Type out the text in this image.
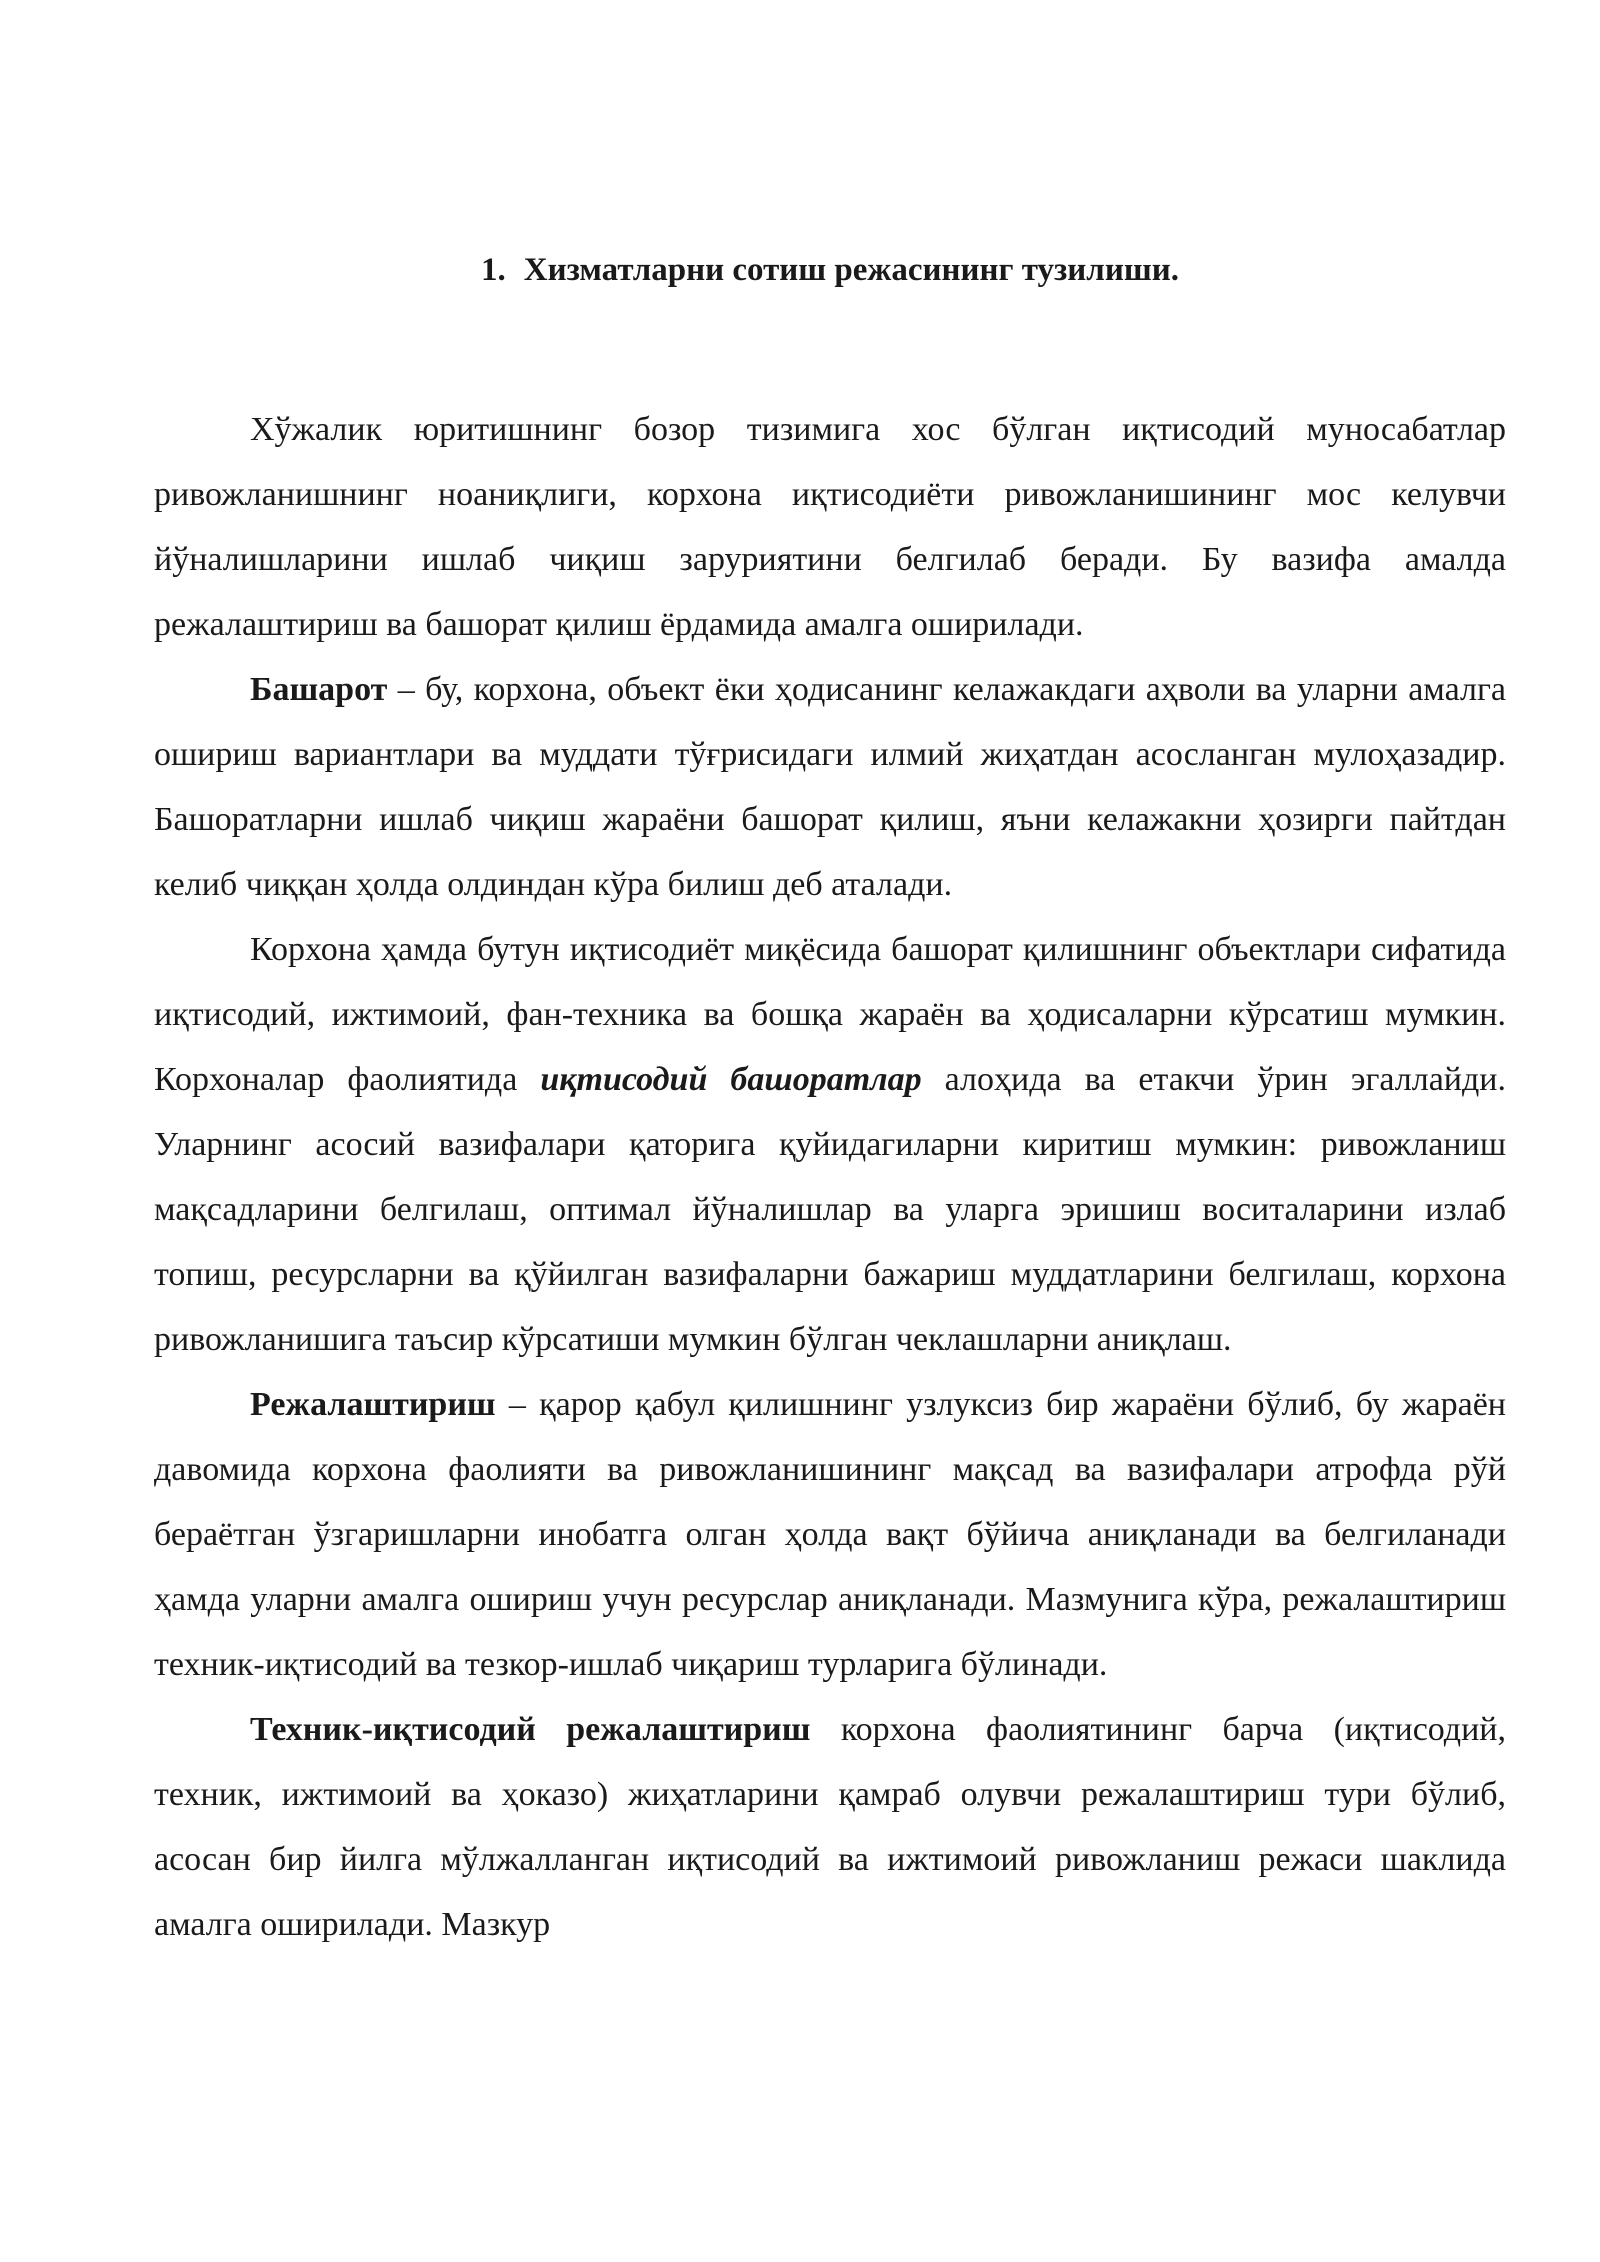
1. Хизматларни сотиш режасининг тузилиши.

Хўжалик юритишнинг бозор тизимига хос бўлган иқтисодий муносабатлар ривожланишнинг ноаниқлиги, корхона иқтисодиёти ривожланишининг мос келувчи йўналишларини ишлаб чиқиш заруриятини белгилаб беради. Бу вазифа амалда режалаштириш ва башорат қилиш ёрдамида амалга оширилади.

Башарот – бу, корхона, объект ёки ҳодисанинг келажакдаги аҳволи ва уларни амалга ошириш вариантлари ва муддати тўғрисидаги илмий жиҳатдан асосланган мулоҳазадир. Башоратларни ишлаб чиқиш жараёни башорат қилиш, яъни келажакни ҳозирги пайтдан келиб чиққан ҳолда олдиндан кўра билиш деб аталади.

Корхона ҳамда бутун иқтисодиёт миқёсида башорат қилишнинг объектлари сифатида иқтисодий, ижтимоий, фан-техника ва бошқа жараён ва ҳодисаларни кўрсатиш мумкин. Корхоналар фаолиятида иқтисодий башоратлар алоҳида ва етакчи ўрин эгаллайди. Уларнинг асосий вазифалари қаторига қуйидагиларни киритиш мумкин: ривожланиш мақсадларини белгилаш, оптимал йўналишлар ва уларга эришиш воситаларини излаб топиш, ресурсларни ва қўйилган вазифаларни бажариш муддатларини белгилаш, корхона ривожланишига таъсир кўрсатиши мумкин бўлган чеклашларни аниқлаш.

Режалаштириш – қарор қабул қилишнинг узлуксиз бир жараёни бўлиб, бу жараён давомида корхона фаолияти ва ривожланишининг мақсад ва вазифалари атрофда рўй бераётган ўзгаришларни инобатга олган ҳолда вақт бўйича аниқланади ва белгиланади ҳамда уларни амалга ошириш учун ресурслар аниқланади. Мазмунига кўра, режалаштириш техник-иқтисодий ва тезкор-ишлаб чиқариш турларига бўлинади.

Техник-иқтисодий режалаштириш корхона фаолиятининг барча (иқтисодий, техник, ижтимоий ва ҳоказо) жиҳатларини қамраб олувчи режалаштириш тури бўлиб, асосан бир йилга мўлжалланган иқтисодий ва ижтимоий ривожланиш режаси шаклида амалга оширилади. Мазкур
